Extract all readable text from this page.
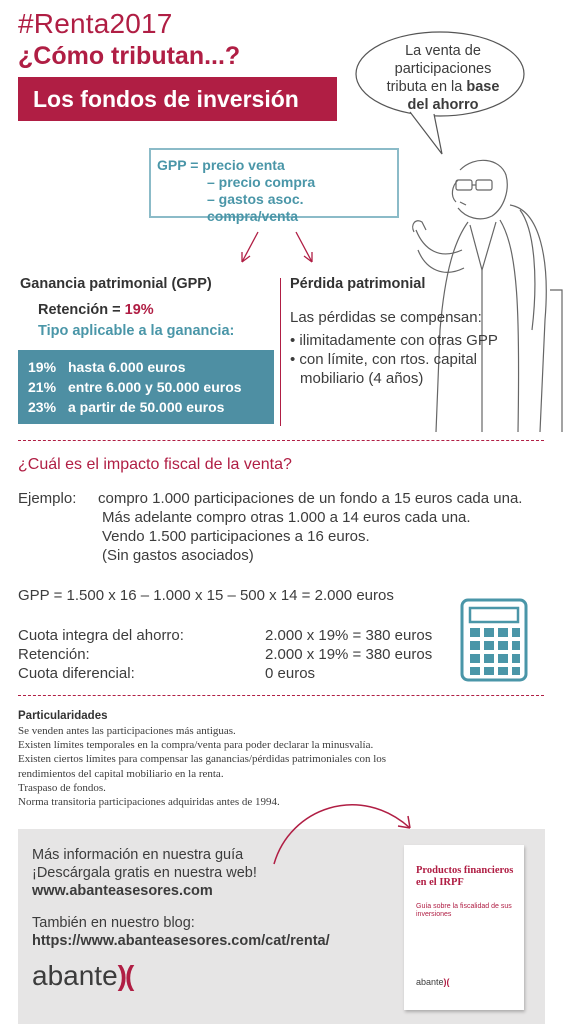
#Renta2017
¿Cómo tributan...?
Los fondos de inversión
La venta de
participaciones
tributa en la base
del ahorro
GPP = precio venta
– precio compra
– gastos asoc. compra/venta
Ganancia patrimonial (GPP)
Retención = 19%
Tipo aplicable a la ganancia:
19% hasta 6.000 euros
21% entre 6.000 y 50.000 euros
23% a partir de 50.000 euros
Pérdida patrimonial
Las pérdidas se compensan:
• ilimitadamente con otras GPP
• con límite, con rtos. capital
mobiliario (4 años)
¿Cuál es el impacto fiscal de la venta?
Ejemplo: compro 1.000 participaciones de un fondo a 15 euros cada una.
Más adelante compro otras 1.000 a 14 euros cada una.
Vendo 1.500 participaciones a 16 euros.
(Sin gastos asociados)
GPP = 1.500 x 16 – 1.000 x 15 – 500 x 14 = 2.000 euros
Cuota integra del ahorro:	2.000 x 19% = 380 euros
Retención:	2.000 x 19% = 380 euros
Cuota diferencial:	0 euros
Particularidades
Se venden antes las participaciones más antiguas.
Existen límites temporales en la compra/venta para poder declarar la minusvalía.
Existen ciertos límites para compensar las ganancias/pérdidas patrimoniales con los
rendimientos del capital mobiliario en la renta.
Traspaso de fondos.
Norma transitoria participaciones adquiridas antes de 1994.
Más información en nuestra guía
¡Descárgala gratis en nuestra web!
www.abanteasesores.com
También en nuestro blog:
https://www.abanteasesores.com/cat/renta/
abante)(
Productos financieros en el IRPF
Guía sobre la fiscalidad de sus inversiones
abante)(
